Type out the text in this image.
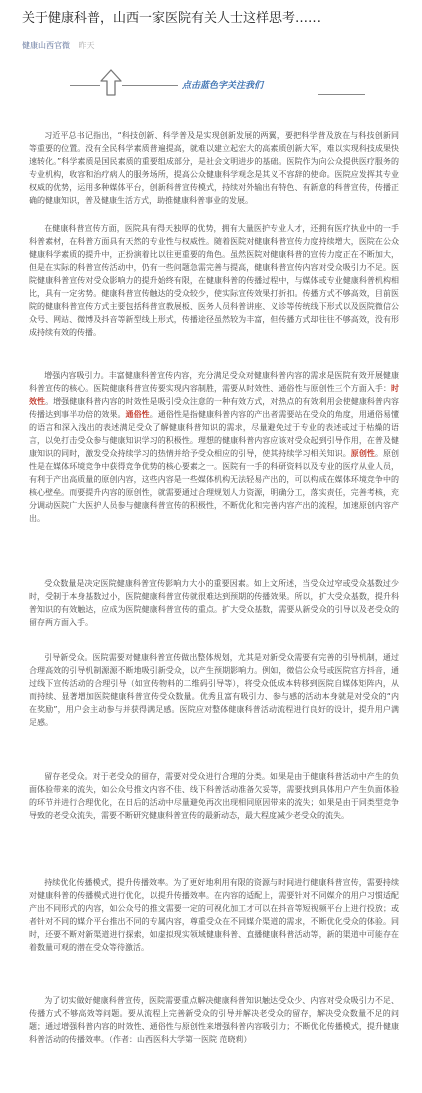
关于健康科普，山西一家医院有关人士这样思考……
健康山西官微 昨天
点击蓝色字关注我们

习近平总书记指出，“科技创新、科学普及是实现创新发展的两翼，要把科学普及放在与科技创新同等重要的位置。没有全民科学素质普遍提高，就难以建立起宏大的高素质创新大军，难以实现科技成果快速转化。”科学素质是国民素质的重要组成部分，是社会文明进步的基础。医院作为向公众提供医疗服务的专业机构，收容和治疗病人的服务场所，提高公众健康科学观念是其义不容辞的使命。医院应发挥其专业权威的优势，运用多种媒体平台，创新科普宣传模式，持续对外输出有特色、有新意的科普宣传，传播正确的健康知识，普及健康生活方式，助推健康科普事业的发展。

在健康科普宣传方面，医院具有得天独厚的优势，拥有大量医护专业人才，还拥有医疗执业中的一手科普素材，在科普方面具有天然的专业性与权威性。随着医院对健康科普宣传力度持续增大，医院在公众健康科学素质的提升中，正扮演着比以往更重要的角色。虽然医院对健康科普的宣传力度正在不断加大，但是在实际的科普宣传活动中，仍有一些问题急需完善与提高，健康科普宣传内容对受众吸引力不足。医院健康科普宣传对受众影响力的提升始终有限，在健康科普的传播过程中，与媒体或专业健康科普机构相比，具有一定劣势。健康科普宣传触达的受众较少，使实际宣传效果打折扣。传播方式不够高效，目前医院的健康科普宣传方式主要包括科普宣教展板、医务人员科普讲座、义诊等传统线下形式以及医院微信公众号、网站、微博及抖音等新型线上形式，传播途径虽然较为丰富，但传播方式却往往不够高效，没有形成持续有效的传播。

增强内容吸引力。丰富健康科普宣传内容，充分满足受众对健康科普内容的需求是医院有效开展健康科普宣传的核心。医院健康科普宣传要实现内容制胜，需要从时效性、通俗性与原创性三个方面入手：时效性。增强健康科普内容的时效性是吸引受众注意的一种有效方式，对热点的有效利用会使健康科普内容传播达到事半功倍的效果。通俗性。通俗性是指健康科普内容的产出者需要站在受众的角度，用通俗易懂的语言和深入浅出的表述满足受众了解健康科普知识的需求，尽量避免过于专业的表述或过于枯燥的语言，以免打击受众参与健康知识学习的积极性。理想的健康科普内容应该对受众起到引导作用，在普及健康知识的同时，激发受众持续学习的热情并给予受众相应的引导，使其持续学习相关知识。原创性。原创性是在媒体环境竞争中获得竞争优势的核心要素之一。医院有一手的科研资料以及专业的医疗从业人员，有利于产出高质量的原创内容，这些内容是一些媒体机构无法轻易产出的，可以构成在媒体环境竞争中的核心壁垒。而要提升内容的原创性，就需要通过合理规划人力资源，明确分工，落实责任，完善考核，充分调动医院广大医护人员参与健康科普宣传的积极性，不断优化和完善内容产出的流程，加速原创内容产出。

受众数量是决定医院健康科普宣传影响力大小的重要因素。如上文所述，当受众过窄或受众基数过少时，受制于本身基数过小，医院健康科普宣传就很难达到预期的传播效果。所以，扩大受众基数，提升科普知识的有效触达，应成为医院健康科普宣传的重点。扩大受众基数，需要从新受众的引导以及老受众的留存两方面入手。

引导新受众。医院需要对健康科普宣传做出整体规划，尤其是对新受众需要有完善的引导机制，通过合理高效的引导机制源源不断地吸引新受众，以产生预期影响力。例如，微信公众号或医院官方抖音，通过线下宣传活动的合理引导（如宣传物料的二维码引导等），将受众低成本转移到医院自媒体矩阵内，从而持续、显著增加医院健康科普宣传受众数量。优秀且富有吸引力、参与感的活动本身就是对受众的“内在奖励”，用户会主动参与并获得满足感。医院应对整体健康科普活动流程进行良好的设计，提升用户满足感。

留存老受众。对于老受众的留存，需要对受众进行合理的分类。如果是由于健康科普活动中产生的负面体验带来的流失，如公众号推文内容不佳、线下科普活动准备欠妥等，需要找到具体用户产生负面体验的环节并进行合理优化，在日后的活动中尽量避免再次出现相同原因带来的流失；如果是由于同类型竞争导致的老受众流失，需要不断研究健康科普宣传的最新动态，最大程度减少老受众的流失。

持续优化传播模式，提升传播效率。为了更好地利用有限的资源与时间进行健康科普宣传，需要持续对健康科普的传播模式进行优化，以提升传播效率。在内容的适配上，需要针对不同媒介的用户习惯适配产出不同形式的内容，如公众号的推文需要一定的可视化加工才可以在抖音等短视频平台上进行投放；或者针对不同的媒介平台推出不同的专属内容，尊重受众在不同媒介渠道的需求，不断优化受众的体验。同时，还要不断对新渠道进行探索，如虚拟现实领域健康科普、直播健康科普活动等，新的渠道中可能存在着数量可观的潜在受众等待激活。

为了切实做好健康科普宣传，医院需要重点解决健康科普知识触达受众少、内容对受众吸引力不足、传播方式不够高效等问题。要从流程上完善新受众的引导并解决老受众的留存，解决受众数量不足的问题；通过增强科普内容的时效性、通俗性与原创性来增强科普内容吸引力；不断优化传播模式，提升健康科普活动的传播效率。（作者：山西医科大学第一医院 范晓莉）
